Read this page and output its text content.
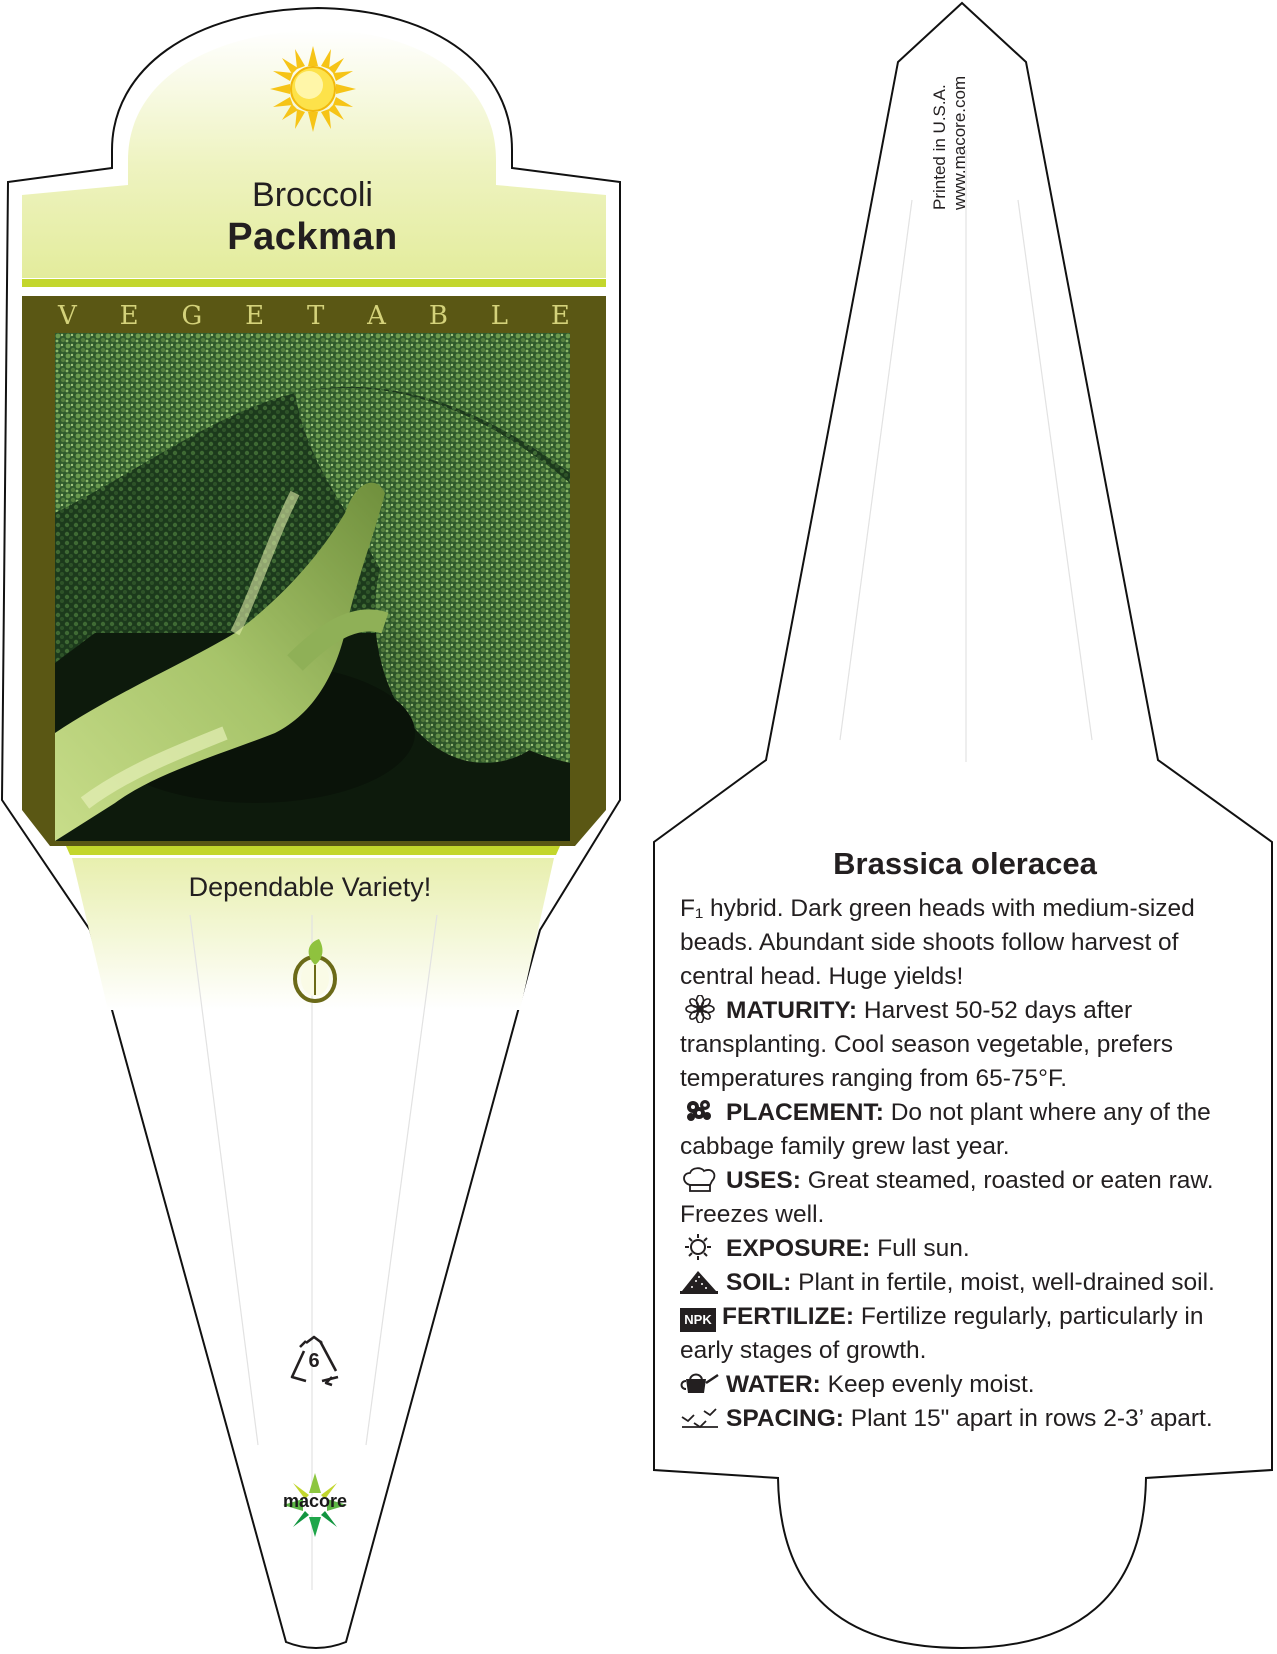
Broccoli
Packman
V E G E T A B L E
Dependable Variety!
6
macore
Printed in U.S.A. www.macore.com
Brassica oleracea

F₁ hybrid. Dark green heads with medium-sized beads. Abundant side shoots follow harvest of central head. Huge yields!

MATURITY: Harvest 50-52 days after transplanting. Cool season vegetable, prefers temperatures ranging from 65-75°F.

PLACEMENT: Do not plant where any of the cabbage family grew last year.

USES: Great steamed, roasted or eaten raw. Freezes well.

EXPOSURE: Full sun.

SOIL: Plant in fertile, moist, well-drained soil.

NPK FERTILIZE: Fertilize regularly, particularly in early stages of growth.

WATER: Keep evenly moist.

SPACING: Plant 15" apart in rows 2-3’ apart.
